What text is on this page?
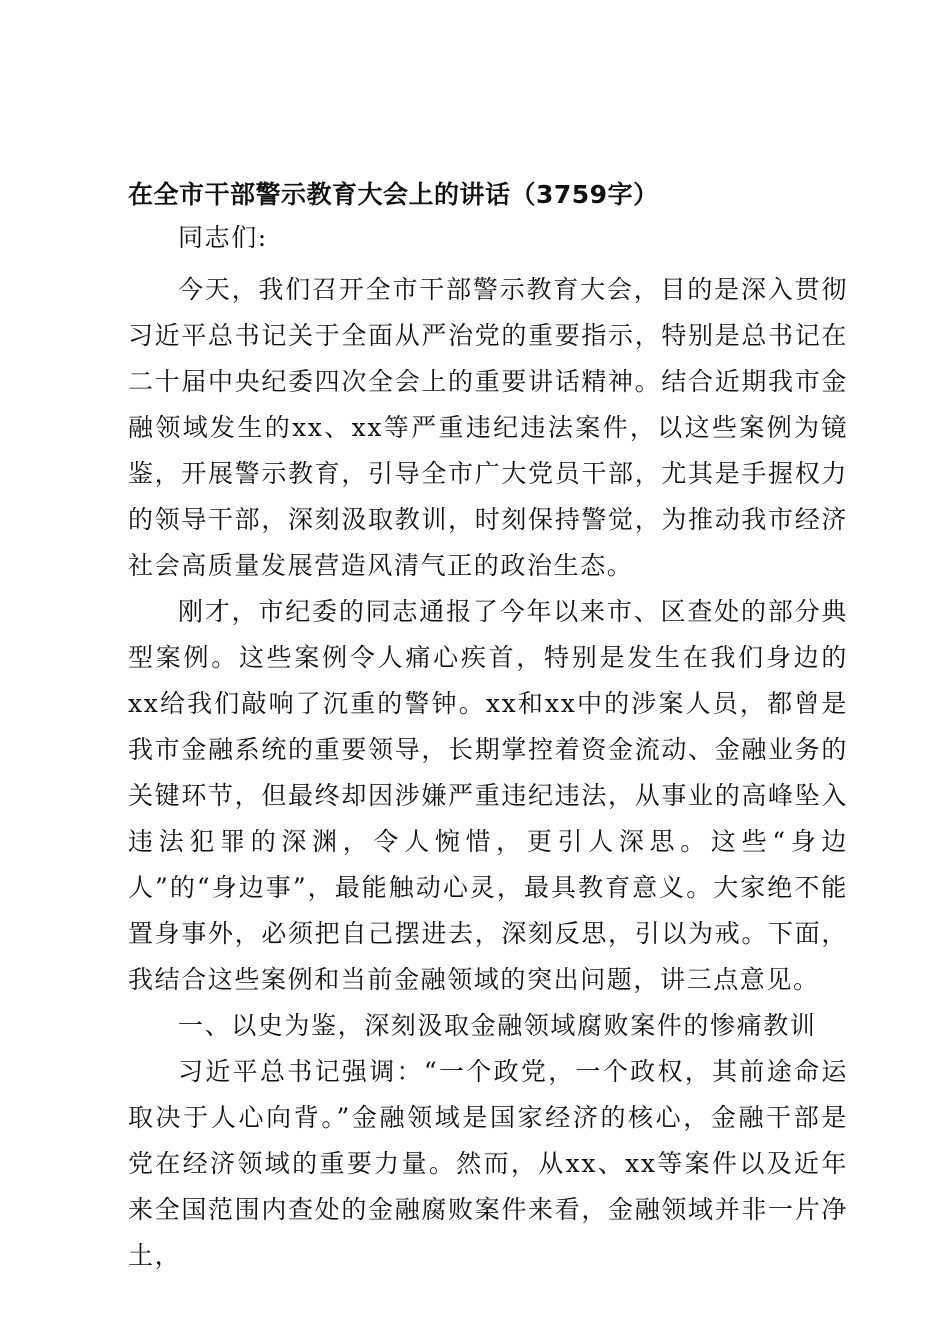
在全市干部警示教育大会上的讲话（3759字）

同志们:

今天，我们召开全市干部警示教育大会，目的是深入贯彻习近平总书记关于全面从严治党的重要指示，特别是总书记在二十届中央纪委四次全会上的重要讲话精神。结合近期我市金融领域发生的xx、xx等严重违纪违法案件，以这些案例为镜鉴，开展警示教育，引导全市广大党员干部，尤其是手握权力的领导干部，深刻汲取教训，时刻保持警觉，为推动我市经济社会高质量发展营造风清气正的政治生态。

刚才，市纪委的同志通报了今年以来市、区查处的部分典型案例。这些案例令人痛心疾首，特别是发生在我们身边的xx给我们敲响了沉重的警钟。xx和xx中的涉案人员，都曾是我市金融系统的重要领导，长期掌控着资金流动、金融业务的关键环节，但最终却因涉嫌严重违纪违法，从事业的高峰坠入违法犯罪的深渊，令人惋惜，更引人深思。这些“身边人”的“身边事”，最能触动心灵，最具教育意义。大家绝不能置身事外，必须把自己摆进去，深刻反思，引以为戒。下面，我结合这些案例和当前金融领域的突出问题，讲三点意见。

一、以史为鉴，深刻汲取金融领域腐败案件的惨痛教训

习近平总书记强调：“一个政党，一个政权，其前途命运取决于人心向背。”金融领域是国家经济的核心，金融干部是党在经济领域的重要力量。然而，从xx、xx等案件以及近年来全国范围内查处的金融腐败案件来看，金融领域并非一片净土，
